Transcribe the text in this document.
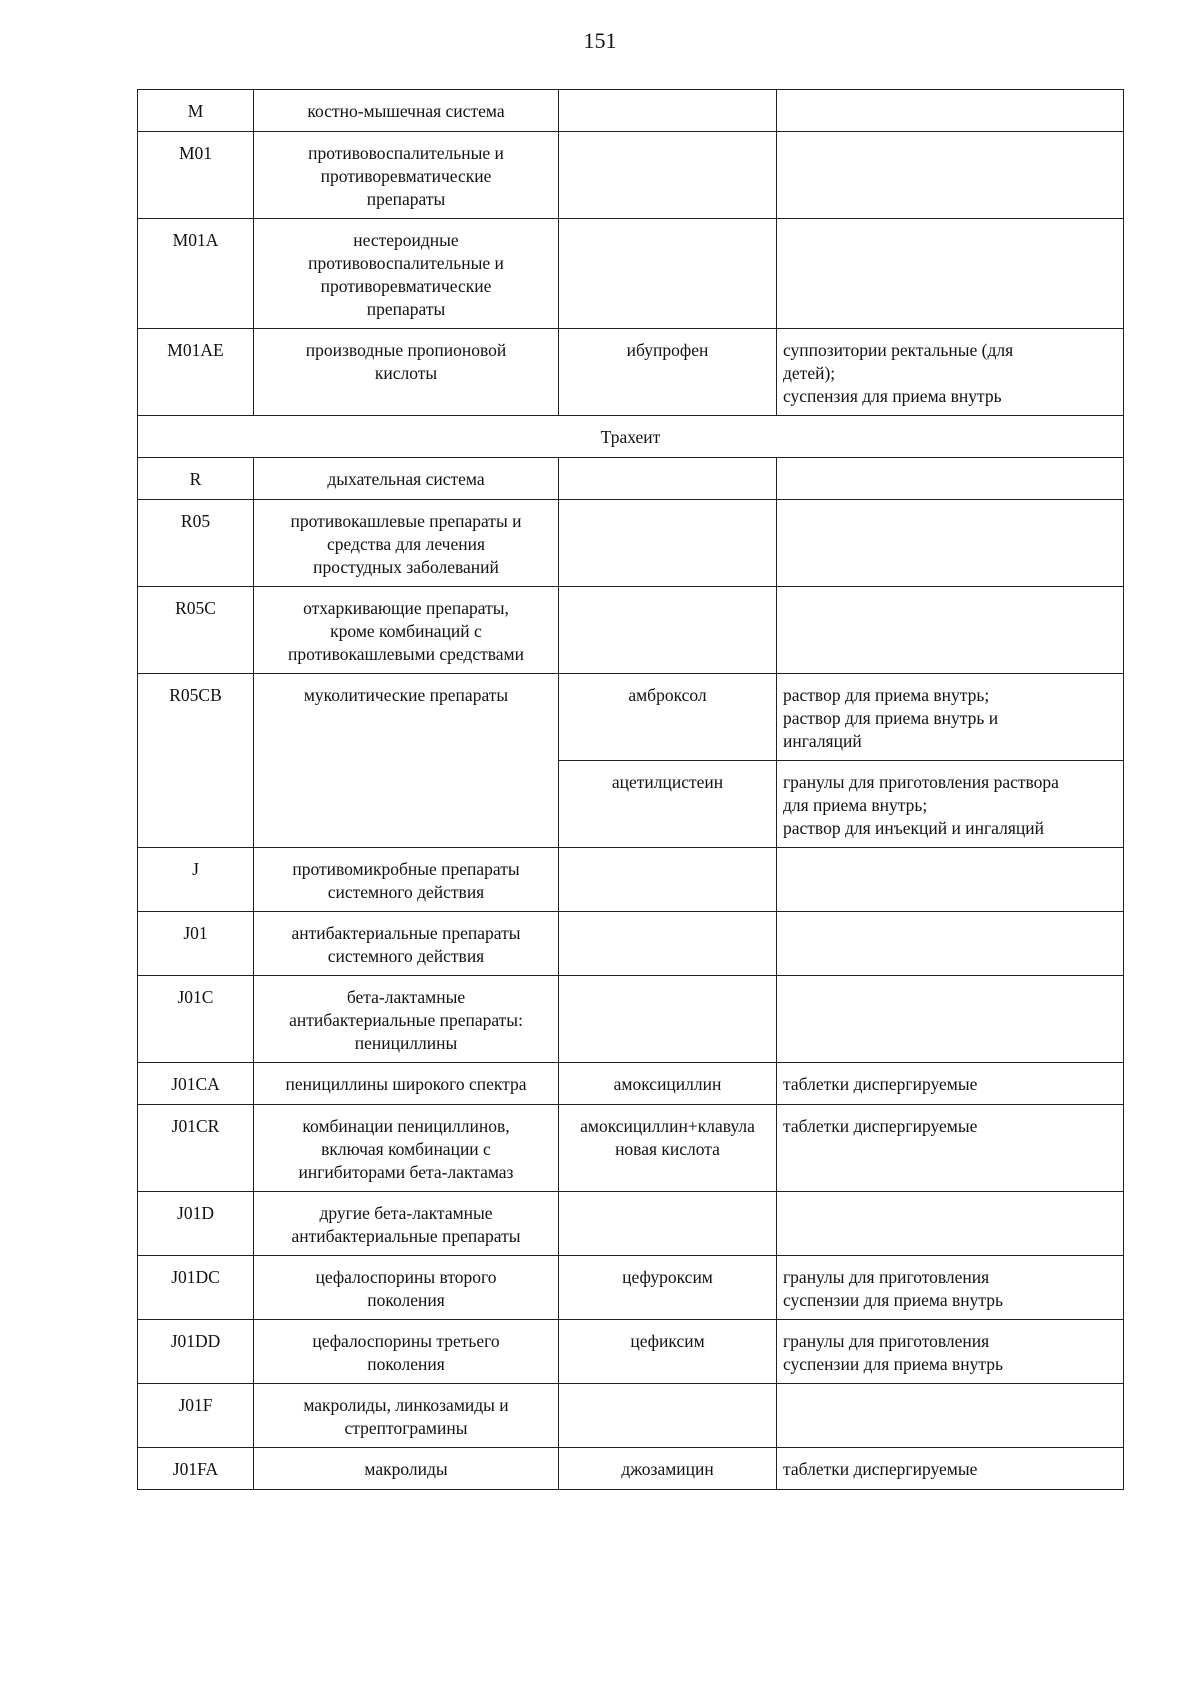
151
M	костно-мышечная система		

M01	противовоспалительные и
противоревматические
препараты		

M01A	нестероидные
противовоспалительные и
противоревматические
препараты		

M01AE	производные пропионовой
кислоты	ибупрофен	суппозитории ректальные (для
детей);
суспензия для приема внутрь

Трахеит			
R	дыхательная система		

R05	противокашлевые препараты и
средства для лечения
простудных заболеваний		

R05C	отхаркивающие препараты,
кроме комбинаций с
противокашлевыми средствами		

R05CB	муколитические препараты	амброксол	раствор для приема внутрь;
раствор для приема внутрь и
ингаляций

		ацетилцистеин	гранулы для приготовления раствора
для приема внутрь;
раствор для инъекций и ингаляций

J	противомикробные препараты
системного действия		

J01	антибактериальные препараты
системного действия		

J01C	бета-лактамные
антибактериальные препараты:
пенициллины		

J01CA	пенициллины широкого спектра	амоксициллин	таблетки диспергируемые

J01CR	комбинации пенициллинов,
включая комбинации с
ингибиторами бета-лактамаз	амоксициллин+клавула
новая кислота	таблетки диспергируемые

J01D	другие бета-лактамные
антибактериальные препараты		

J01DC	цефалоспорины второго
поколения	цефуроксим	гранулы для приготовления
суспензии для приема внутрь

J01DD	цефалоспорины третьего
поколения	цефиксим	гранулы для приготовления
суспензии для приема внутрь

J01F	макролиды, линкозамиды и
стрептограмины		

J01FA	макролиды	джозамицин	таблетки диспергируемые
